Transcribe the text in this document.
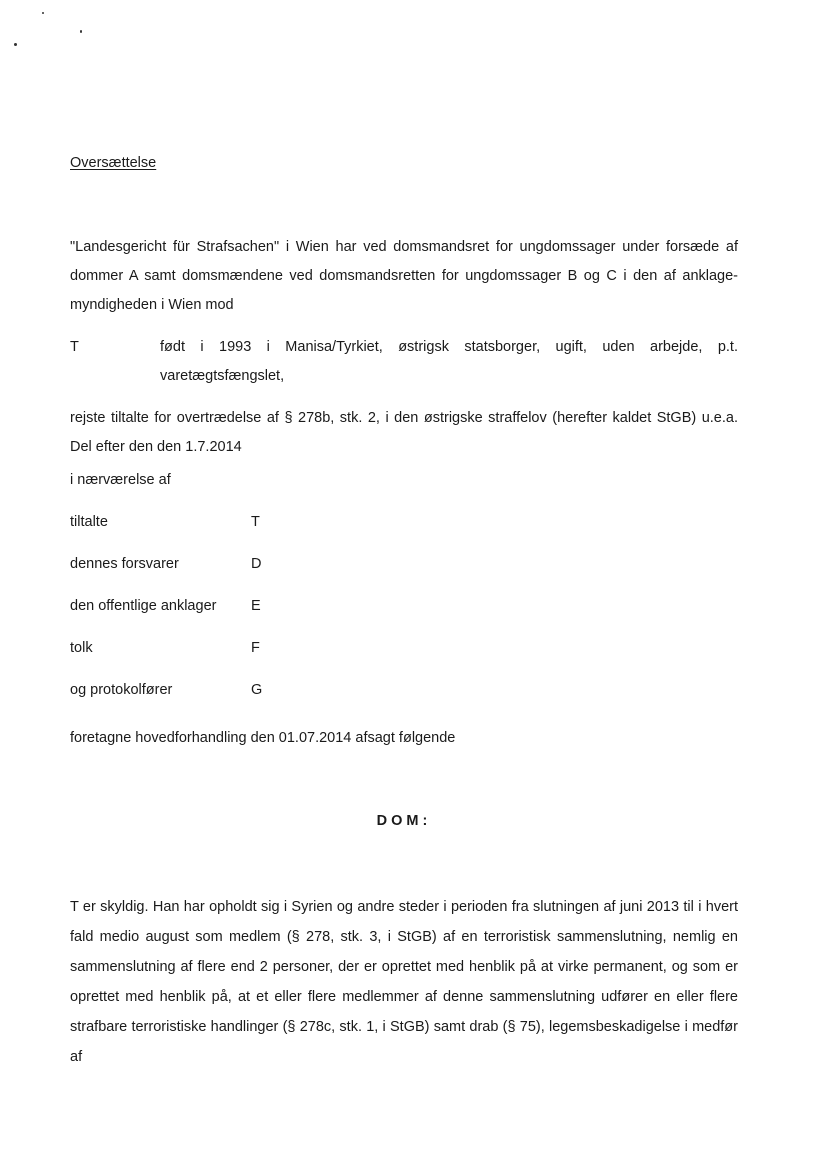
Oversættelse

"Landesgericht für Strafsachen" i Wien har ved domsmandsret for ungdomssager under forsæde af dommer A samt domsmændene ved domsmandsretten for ungdomssager B og C i den af anklage-myndigheden i Wien mod

T	født i 1993 i Manisa/Tyrkiet, østrigsk statsborger, ugift, uden arbejde, p.t. varetægtsfængslet,

rejste tiltalte for overtrædelse af § 278b, stk. 2, i den østrigske straffelov (herefter kaldet StGB) u.e.a. Del efter den den 1.7.2014

i nærværelse af
tiltalte	T
dennes forsvarer	D
den offentlige anklager E
tolk	F
og protokolfører	G
foretagne hovedforhandling den 01.07.2014 afsagt følgende
DOM:

T er skyldig. Han har opholdt sig i Syrien og andre steder i perioden fra slutningen af juni 2013 til i hvert fald medio august som medlem (§ 278, stk. 3, i StGB) af en terroristisk sammenslutning, nemlig en sammenslutning af flere end 2 personer, der er oprettet med henblik på at virke permanent, og som er oprettet med henblik på, at et eller flere medlemmer af denne sammenslutning udfører en eller flere strafbare terroristiske handlinger (§ 278c, stk. 1, i StGB) samt drab (§ 75), legemsbeskadigelse i medfør af
